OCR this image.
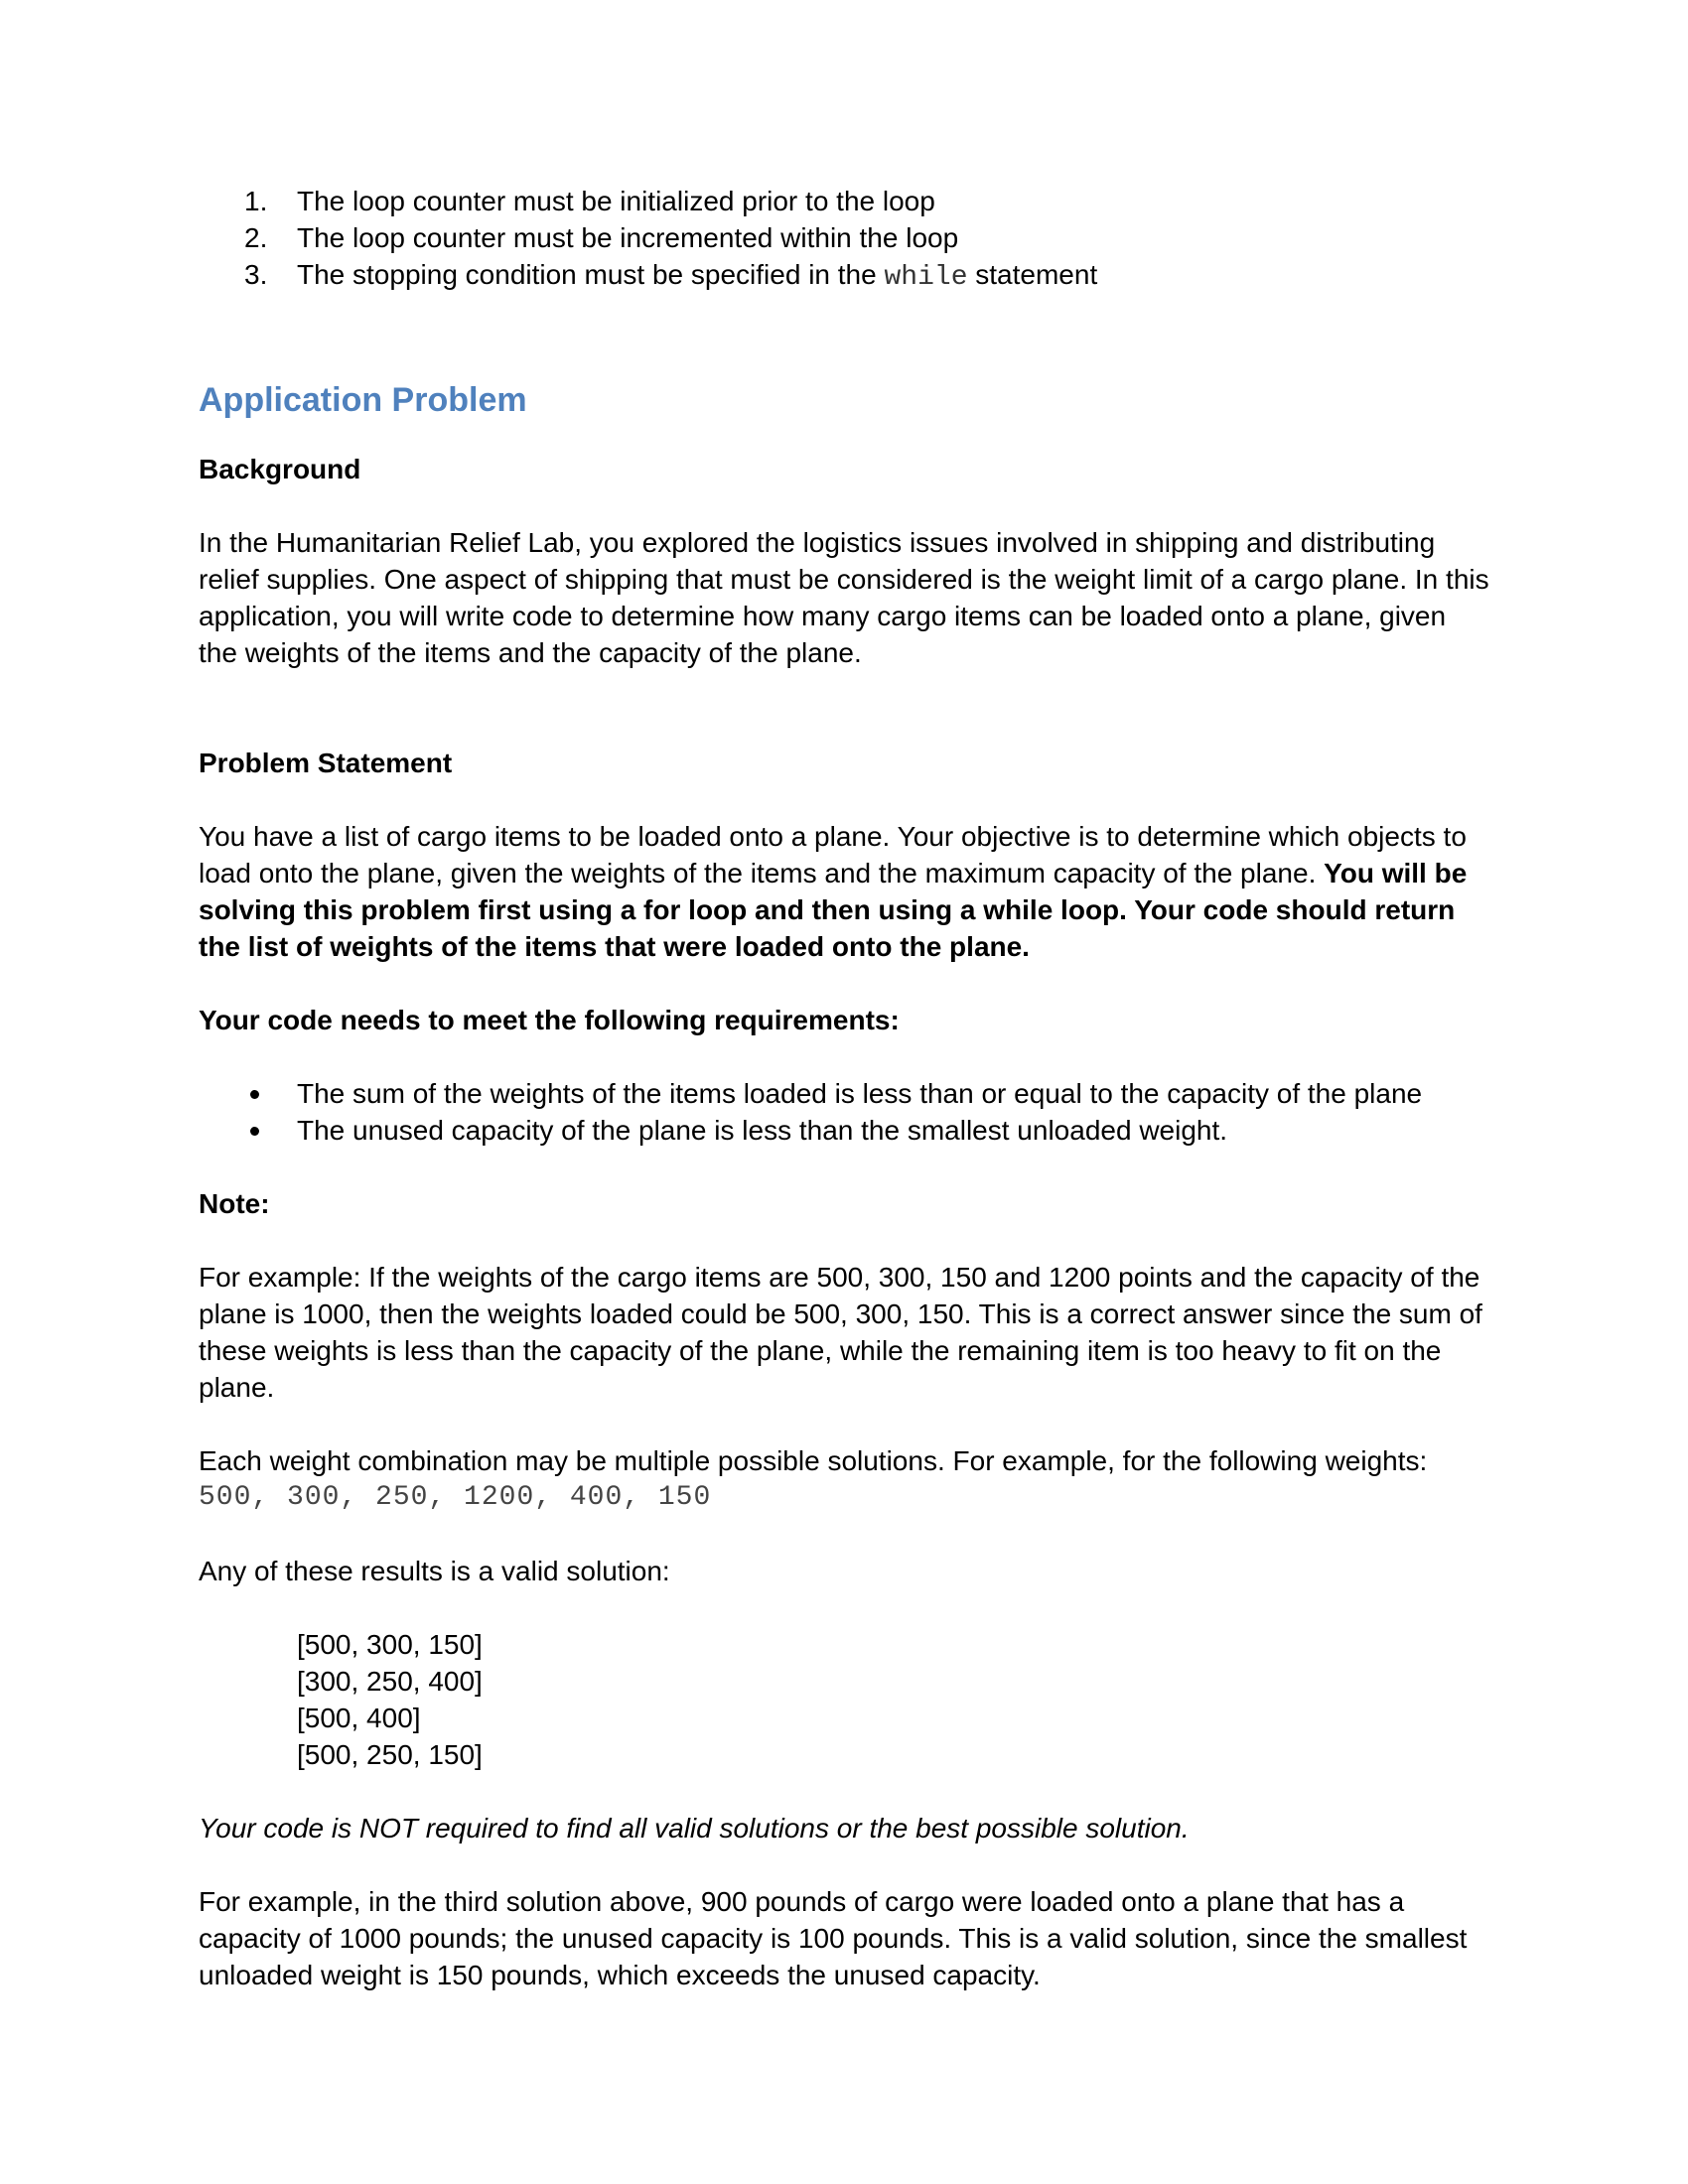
1. The loop counter must be initialized prior to the loop
2. The loop counter must be incremented within the loop
3. The stopping condition must be specified in the while statement
Application Problem
Background

In the Humanitarian Relief Lab, you explored the logistics issues involved in shipping and distributing relief supplies. One aspect of shipping that must be considered is the weight limit of a cargo plane. In this application, you will write code to determine how many cargo items can be loaded onto a plane, given the weights of the items and the capacity of the plane.

Problem Statement

You have a list of cargo items to be loaded onto a plane. Your objective is to determine which objects to load onto the plane, given the weights of the items and the maximum capacity of the plane. You will be solving this problem first using a for loop and then using a while loop. Your code should return the list of weights of the items that were loaded onto the plane.

Your code needs to meet the following requirements:
The sum of the weights of the items loaded is less than or equal to the capacity of the plane
The unused capacity of the plane is less than the smallest unloaded weight.
Note:

For example: If the weights of the cargo items are 500, 300, 150 and 1200 points and the capacity of the plane is 1000, then the weights loaded could be 500, 300, 150. This is a correct answer since the sum of these weights is less than the capacity of the plane, while the remaining item is too heavy to fit on the plane.

Each weight combination may be multiple possible solutions. For example, for the following weights:
500, 300, 250, 1200, 400, 150

Any of these results is a valid solution:

[500, 300, 150]
[300, 250, 400]
[500, 400]
[500, 250, 150]

Your code is NOT required to find all valid solutions or the best possible solution.

For example, in the third solution above, 900 pounds of cargo were loaded onto a plane that has a capacity of 1000 pounds; the unused capacity is 100 pounds. This is a valid solution, since the smallest unloaded weight is 150 pounds, which exceeds the unused capacity.
